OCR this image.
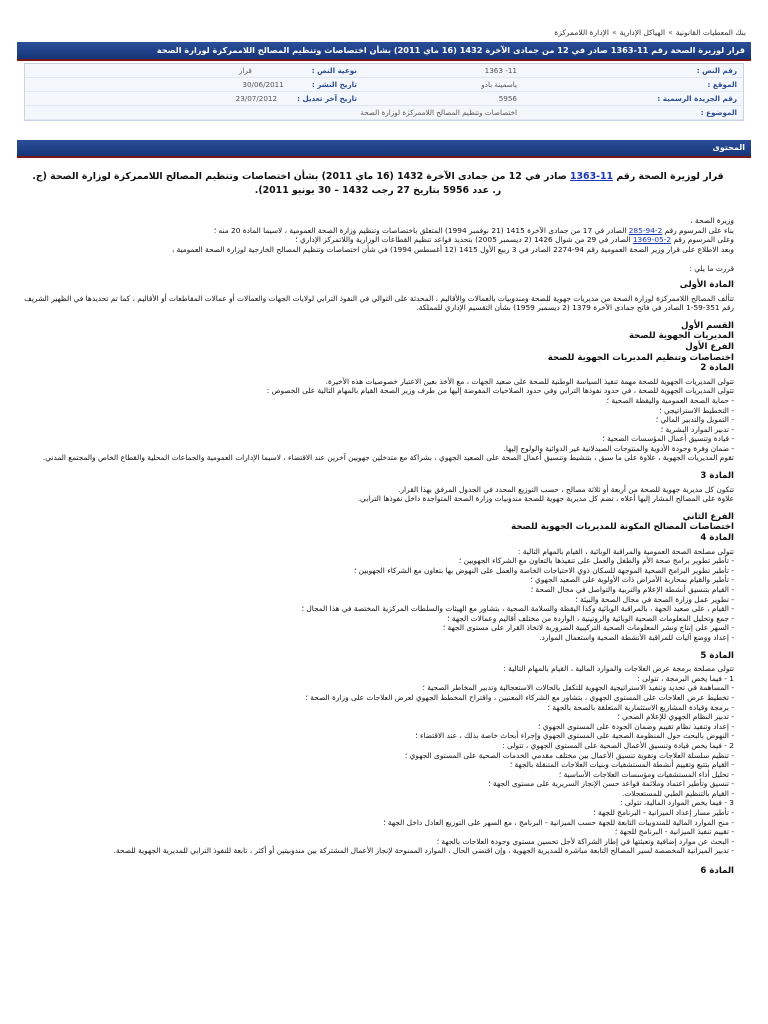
بنك المعطيات القانونية»الهياكل الإدارية»الإدارة اللاممركزة
قرار لوزيرة الصحة رقم 11-1363 صادر في 12 من جمادى الآخرة 1432 (16 ماي 2011) بشأن اختصاصات وتنظيم المصالح اللاممركزة لوزارة الصحة
رقم النص :
11- 1363
نوعية النص :
قرار
الموقع :
ياسمينة بادو
تاريخ النشر :
30/06/2011
رقم الجريدة الرسمية :
5956
تاريخ آخر تعديل :
23/07/2012
الموضوع :
اختصاصات وتنظيم المصالح اللاممركزة لوزارة الصحة
المحتوى
قرار لوزيرة الصحة رقم 11-1363 صادر في 12 من جمادى الآخرة 1432 (16 ماي 2011) بشأن اختصاصات وتنظيم المصالح اللاممركزة لوزارة الصحة (ج. ر. عدد 5956 بتاريخ 27 رجب 1432 – 30 يونيو 2011).

وزيرة الصحة ،

بناء على المرسوم رقم 2-94-285 الصادر في 17 من جمادى الآخرة 1415 (21 نوفمبر 1994) المتعلق باختصاصات وتنظيم وزارة الصحة العمومية ، لاسيما المادة 20 منه ؛

وعلى المرسوم رقم 2-05-1369 الصادر في 29 من شوال 1426 (2 ديسمبر 2005) بتحديد قواعد تنظيم القطاعات الوزارية واللاتمركز الإداري ؛

وبعد الاطلاع على قرار وزير الصحة العمومية رقم 94-2274 الصادر في 3 ربيع الأول 1415 (12 أغسطس 1994) في شأن اختصاصات وتنظيم المصالح الخارجية لوزارة الصحة العمومية ،

قررت ما يلي :

المادة الأولى

تتألف المصالح اللاممركزة لوزارة الصحة من مديريات جهوية للصحة ومندوبيات بالعمالات والأقاليم ، المحدثة على التوالي في النفوذ الترابي لولايات الجهات والعمالات أو عمالات المقاطعات أو الأقاليم ، كما تم تحديدها في الظهير الشريف رقم 351-59-1 الصادر في فاتح جمادى الآخرة 1379 (2 ديسمبر 1959) بشأن التقسيم الإداري للمملكة.

القسم الأول

المديريات الجهوية للصحة

الفرع الأول

اختصاصات وتنظيم المديريات الجهوية للصحة

المادة 2

تتولى المديريات الجهوية للصحة مهمة تنفيذ السياسة الوطنية للصحة على صعيد الجهات ، مع الأخذ بعين الاعتبار خصوصيات هذه الأخيرة.

تتولى المديريات الجهوية للصحة ، في حدود نفوذها الترابي وفي حدود الصلاحيات المفوضة إليها من طرف وزير الصحة القيام بالمهام التالية على الخصوص :

- حماية الصحة العمومية واليقظة الصحية ؛

- التخطيط الاستراتيجي ؛

- التمويل والتدبير المالي ؛

- تدبير الموارد البشرية ؛

- قيادة وتنسيق أعمال المؤسسات الصحية ؛

- ضمان وفرة وجودة الأدوية والمنتوجات الصيدلانية غير الدوائية والولوج إليها.

تقوم المديريات الجهوية ، علاوة على ما سبق ، بتنشيط وتنسيق أعمال الصحة على الصعيد الجهوي ، بشراكة مع متدخلين جهويين آخرين عند الاقتضاء ، لاسيما الإدارات العمومية والجماعات المحلية والقطاع الخاص والمجتمع المدني.

المادة 3

تتكون كل مديرية جهوية للصحة من أربعة أو ثلاثة مصالح ، حسب التوزيع المحدد في الجدول المرفق بهذا القرار.

علاوة على المصالح المشار إليها أعلاه ، تضم كل مديرية جهوية للصحة مندوبيات وزارة الصحة المتواجدة داخل نفوذها الترابي.

الفرع الثاني

اختصاصات المصالح المكونة للمديريات الجهوية للصحة

المادة 4

تتولى مصلحة الصحة العمومية والمراقبة الوبائية ، القيام بالمهام التالية :

- تأطير تطوير برامج صحة الأم والطفل والعمل على تنفيذها بالتعاون مع الشركاء الجهويين ؛

- تأطير تطوير البرامج الصحية الموجهة للسكان ذوي الاحتياجات الخاصة والعمل على النهوض بها بتعاون مع الشركاء الجهويين ؛

- تأطير والقيام بمحاربة الأمراض ذات الأولوية على الصعيد الجهوي ؛

- القيام بتنسيق أنشطة الإعلام والتربية والتواصل في مجال الصحة ؛

- تطوير عمل وزارة الصحة في مجال الصحة والبيئة ؛

- القيام ، على صعيد الجهة ، بالمراقبة الوبائية وكذا اليقظة والسلامة الصحية ، بتشاور مع الهيئات والسلطات المركزية المختصة في هذا المجال ؛

- جمع وتحليل المعلومات الصحية الوبائية والروتينية ، الواردة من مختلف أقاليم وعمالات الجهة ؛

- السهر على إنتاج ونشر المعلومات الصحية التركيبية الضرورية لاتخاذ القرار على مستوى الجهة ؛

- إعداد ووضع آليات للمراقبة الأنشطة الصحية واستعمال الموارد.

المادة 5

تتولى مصلحة برمجة عرض العلاجات والموارد المالية ، القيام بالمهام التالية :

1 - فيما يخص البرمجة ، تتولى :

- المساهمة في تحديد وتنفيذ الاستراتيجية الجهوية للتكفل بالحالات الاستعجالية وتدبير المخاطر الصحية ؛

- تخطيط عرض العلاجات على المستوى الجهوي ، بتشاور مع الشركاء المعنيين ، واقتراح المخطط الجهوي لعرض العلاجات على وزارة الصحة ؛

- برمجة وقيادة المشاريع الاستثمارية المتعلقة بالصحة بالجهة ؛

- تدبير النظام الجهوي للإعلام الصحي ؛

- إعداد وتنفيذ نظام تقييم وضمان الجودة على المستوى الجهوي ؛

- النهوض بالبحث حول المنظومة الصحية على المستوى الجهوي وإجراء أبحاث خاصة بذلك ، عند الاقتضاء ؛

2 - فيما يخص قيادة وتنسيق الأعمال الصحية على المستوى الجهوي ، تتولى :

- تنظيم سلسلة العلاجات وتقوية تنسيق الأعمال بين مختلف مقدمي الخدمات الصحية على المستوى الجهوي ؛

- القيام بتتبع وتقييم أنشطة المستشفيات وبنيات العلاجات المتنقلة بالجهة ؛

- تحليل أداء المستشفيات ومؤسسات العلاجات الأساسية ؛

- تنسيق وتأطير اعتماد وملائمة قواعد حسن الإنجاز السريرية على مستوى الجهة ؛

- القيام بالتنظيم الطبي للمستعجلات.

3 - فيما يخص الموارد المالية، تتولى :

- تأطير مسار إعداد الميزانية - البرنامج للجهة ؛

- منح الموارد المالية للمندوبيات التابعة للجهة حسب الميزانية - البرنامج ، مع السهر على التوزيع العادل داخل الجهة ؛

- تقييم تنفيذ الميزانية - البرنامج للجهة ؛

- البحث عن موارد إضافية وتعبئتها في إطار الشراكة لأجل تحسين مستوى وجودة العلاجات بالجهة ؛

- تدبير الميزانية المخصصة لسير المصالح التابعة مباشرة للمديرية الجهوية ، وإن اقتضى الحال ، الموارد الممنوحة لإنجاز الأعمال المشتركة بين مندوبيتين أو أكثر ، تابعة للنفوذ الترابي للمديرية الجهوية للصحة.

المادة 6
